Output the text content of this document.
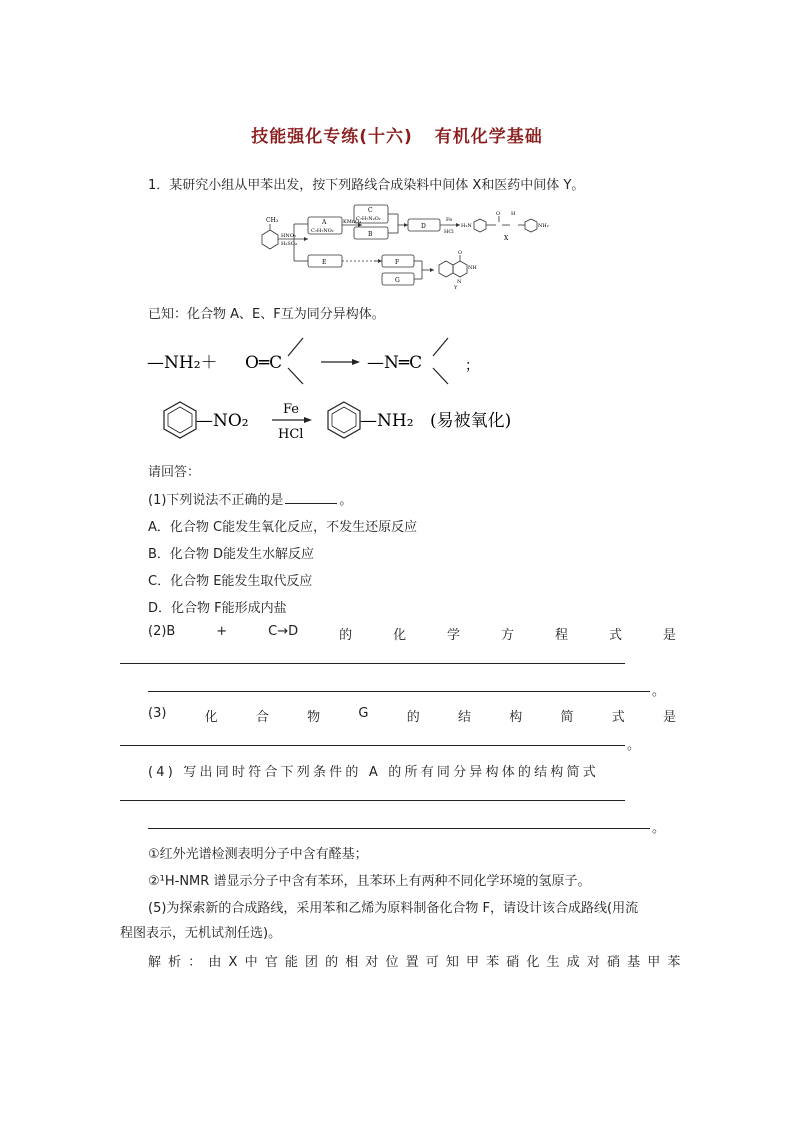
技能强化专练(十六) 有机化学基础
1．某研究小组从甲苯出发，按下列路线合成染料中间体 X和医药中间体 Y。
CH₃
HNO₃
H₂SO₄
A
C₇H₇NO₂
KMnO₄
C
C₇H₇N₂O₂
B
D
Fe
HCl
H₂N
O H
NH₂
X
E	F
G
O
NH
N
Y
已知：化合物 A、E、F互为同分异构体。
—NH₂＋ O═C	—N═C	；
—NO₂
Fe
HCl
—NH₂ (易被氧化)
请回答：
(1)下列说法不正确的是	。
A．化合物 C能发生氧化反应，不发生还原反应
B．化合物 D能发生水解反应
C．化合物 E能发生取代反应
D．化合物 F能形成内盐
(2)B	+	C→D	的	化	学	方	程	式	是
。
(3)	化	合	物	G	的	结	构	简	式	是
。
(4) 写出同时符合下列条件的 A 的所有同分异构体的结构简式
。
①红外光谱检测表明分子中含有醛基；
②¹H-NMR 谱显示分子中含有苯环，且苯环上有两种不同化学环境的氢原子。
(5)为探索新的合成路线，采用苯和乙烯为原料制备化合物 F，请设计该合成路线(用流
程图表示，无机试剂任选)。
解 析 ： 由 X 中 官 能 团 的 相 对 位 置 可 知 甲 苯 硝 化 生 成 对 硝 基 甲 苯
